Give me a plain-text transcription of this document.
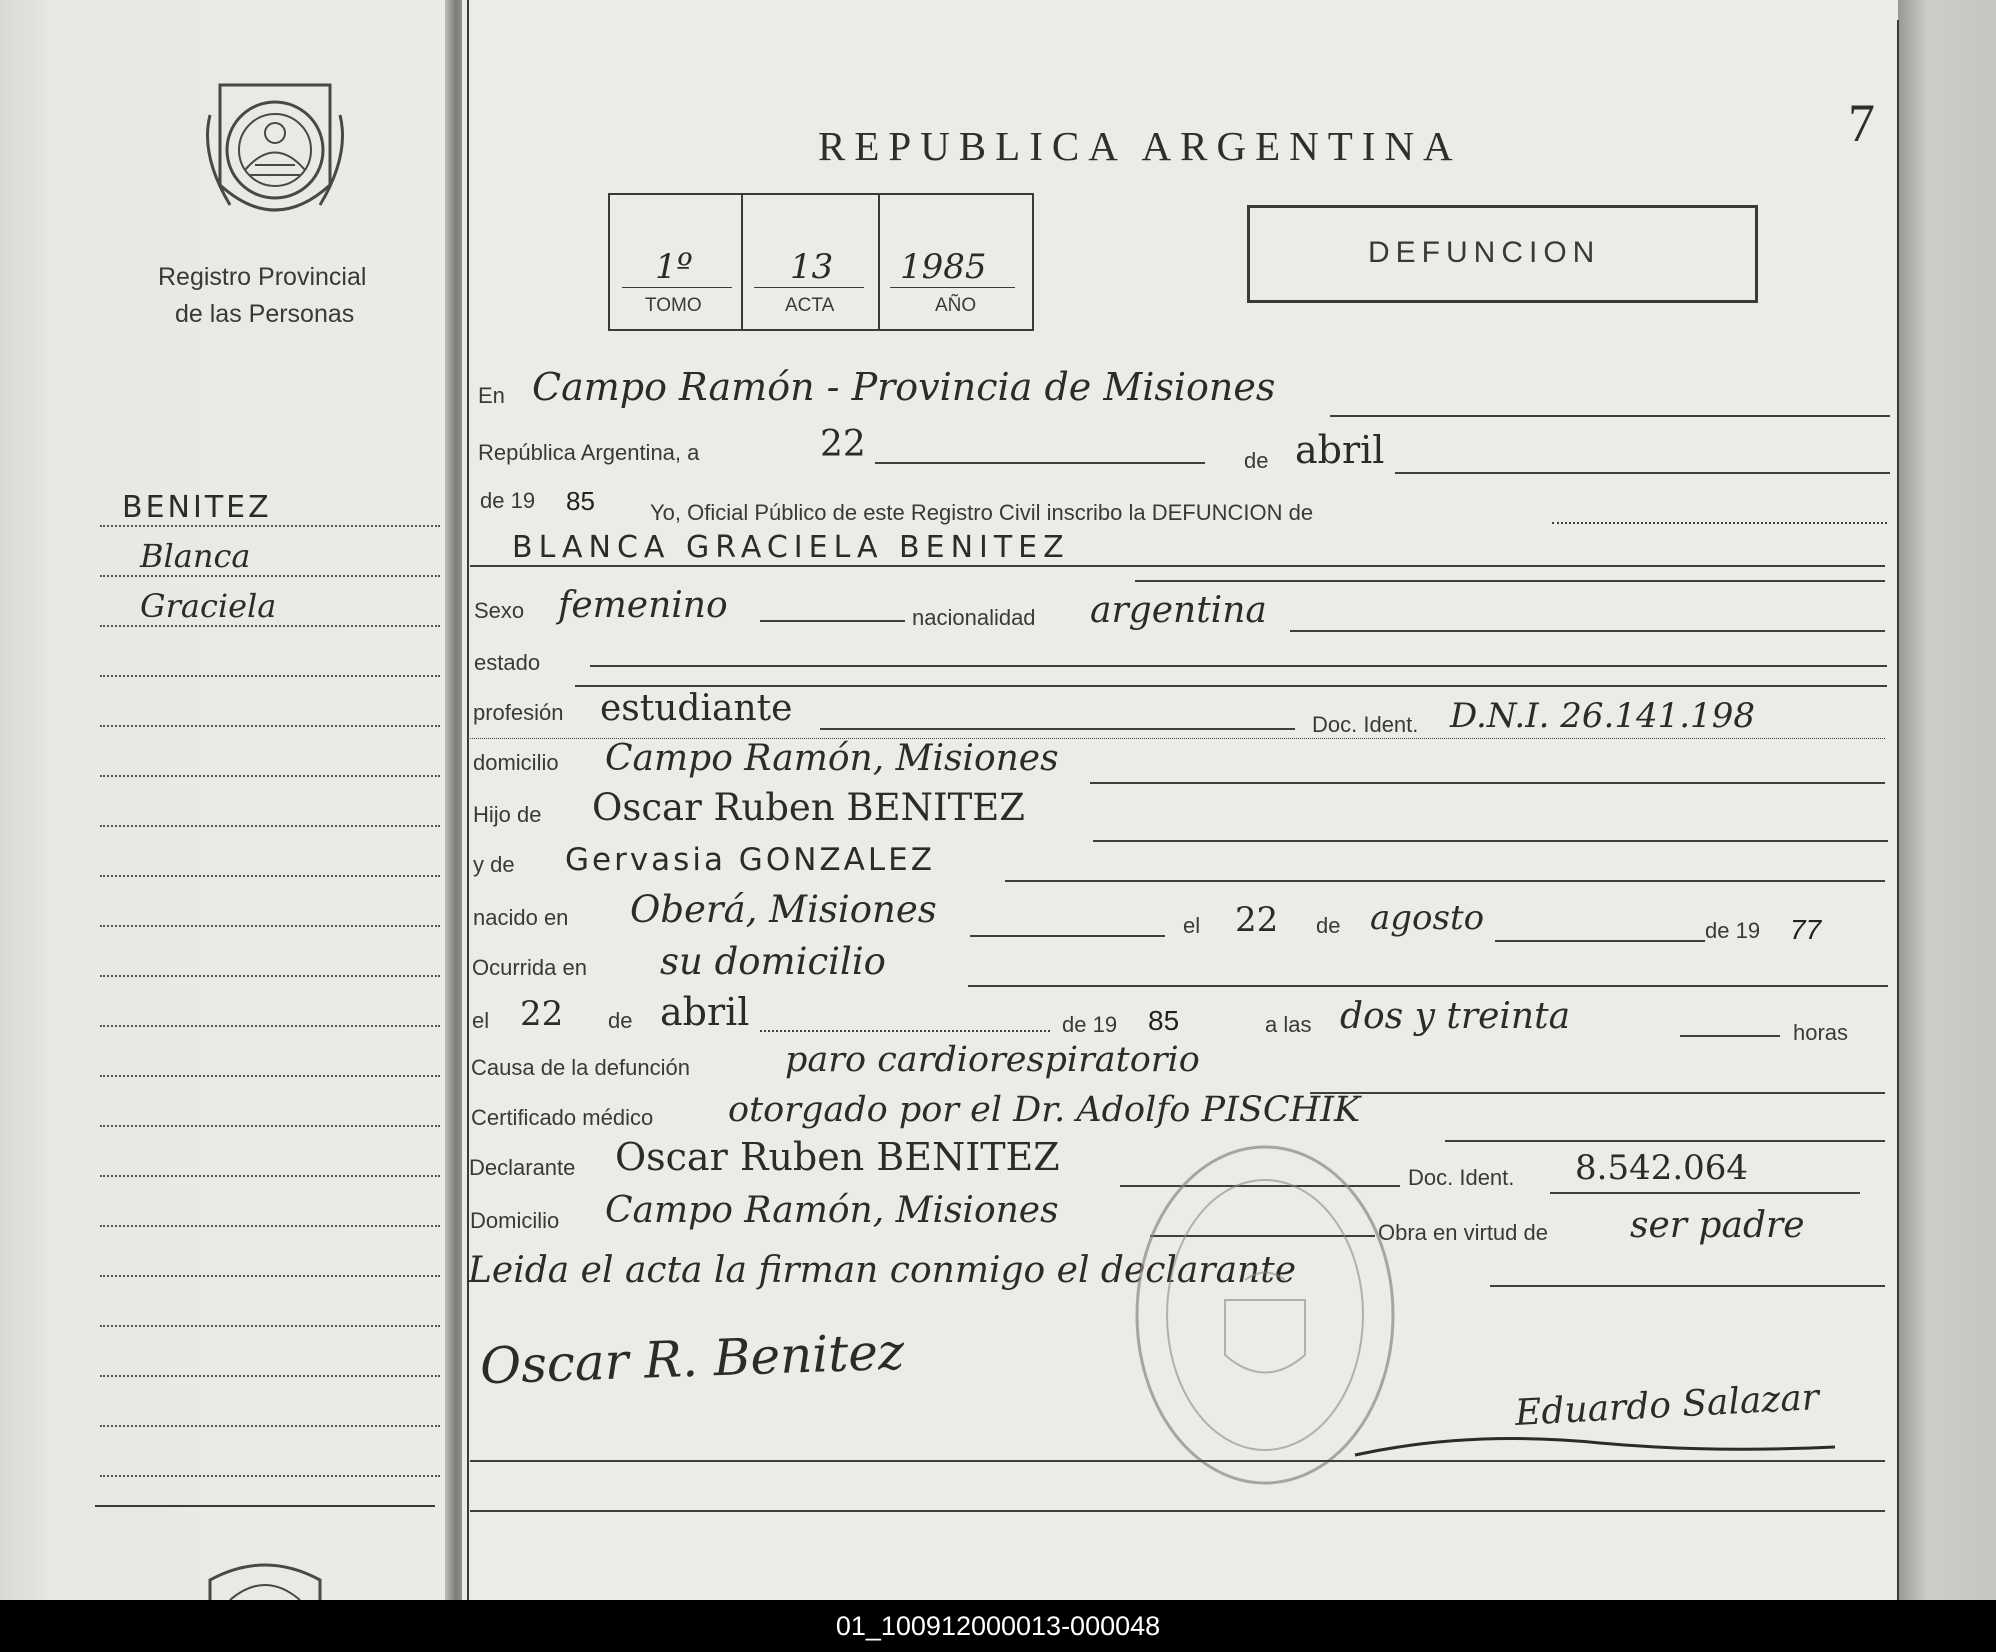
Registro Provincial
de las Personas
BENITEZ
Blanca
Graciela
REPUBLICA ARGENTINA	7
1º	13 1985
TOMO	ACTA	AÑO
DEFUNCION
En Campo Ramón - Provincia de Misiones
República Argentina, a	22	de abril
de 19 85	Yo, Oficial Público de este Registro Civil inscribo la DEFUNCION de
BLANCA GRACIELA BENITEZ
Sexo femenino	nacionalidad argentina
estado
profesión estudiante	Doc. Ident. D.N.I. 26.141.198
domicilio Campo Ramón, Misiones
Hijo de Oscar Ruben BENITEZ
y de Gervasia GONZALEZ
nacido en Oberá, Misiones	el 22 de agosto	de 19 77
Ocurrida en su domicilio
el 22 de abril	de 19 85	a las dos y treinta	horas
Causa de la defunción	paro cardiorespiratorio
Certificado médico otorgado por el Dr. Adolfo PISCHIK
Declarante Oscar Ruben BENITEZ	Doc. Ident. 8.542.064
Domicilio Campo Ramón, Misiones
Obra en virtud de ser padre
Leida el acta la firman conmigo el declarante
Oscar R. Benitez
Eduardo Salazar
01_100912000013-000048
